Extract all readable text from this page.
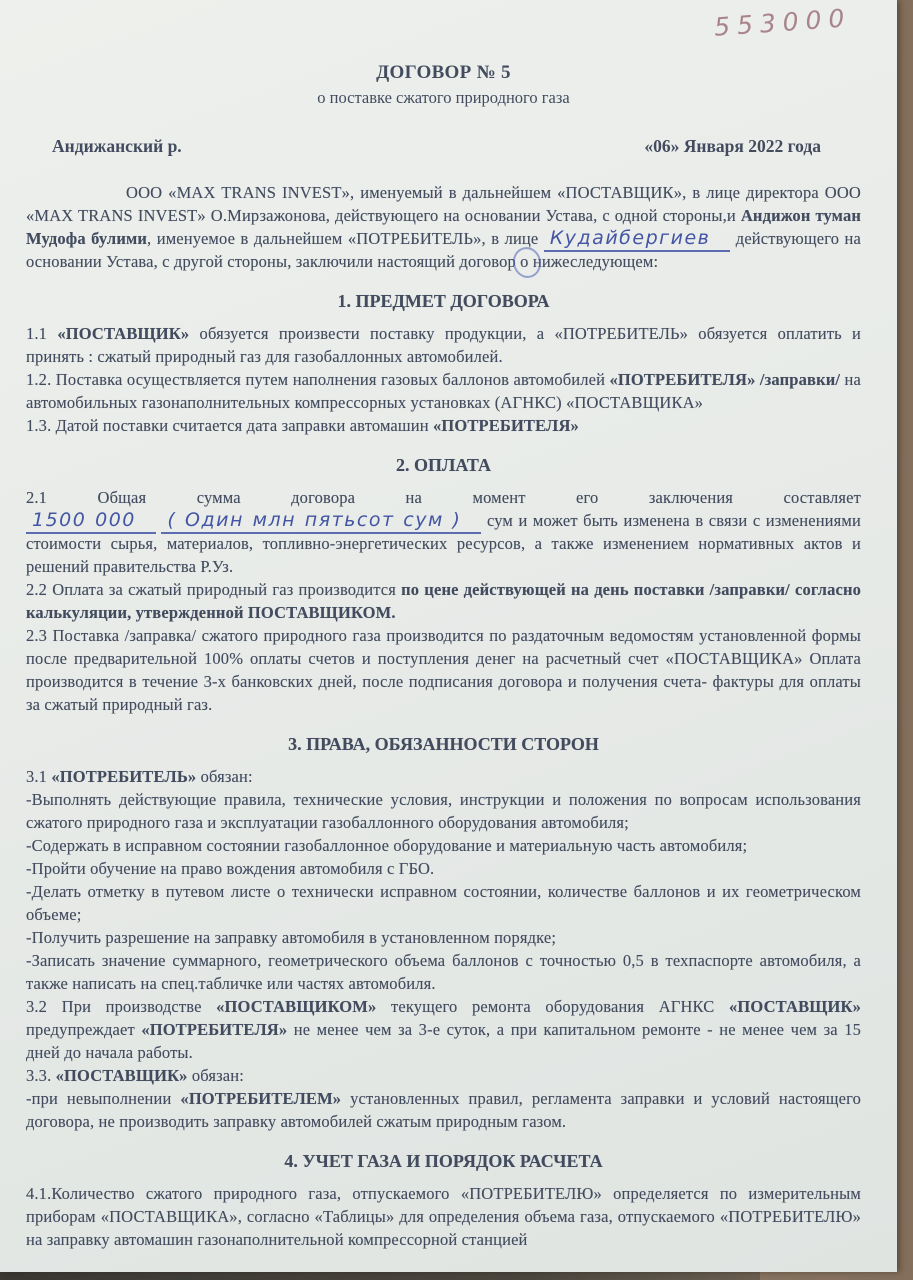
553000
ДОГОВОР № 5
о поставке сжатого природного газа
Андижанский р.	«06» Января 2022 года

ООО «MAX TRANS INVEST», именуемый в дальнейшем «ПОСТАВЩИК», в лице директора ООО «MAX TRANS INVEST» О.Мирзажонова, действующего на основании Устава, с одной стороны,и Андижон туман Мудофа булими, именуемое в дальнейшем «ПОТРЕБИТЕЛЬ», в лице Кудайбергиев действующего на основании Устава, с другой стороны, заключили настоящий договор о нижеследующем:

1. ПРЕДМЕТ ДОГОВОРА

1.1 «ПОСТАВЩИК» обязуется произвести поставку продукции, а «ПОТРЕБИТЕЛЬ» обязуется оплатить и принять : сжатый природный газ для газобаллонных автомобилей.

1.2. Поставка осуществляется путем наполнения газовых баллонов автомобилей «ПОТРЕБИТЕЛЯ» /заправки/ на автомобильных газонаполнительных компрессорных установках (АГНКС) «ПОСТАВЩИКА»

1.3. Датой поставки считается дата заправки автомашин «ПОТРЕБИТЕЛЯ»

2. ОПЛАТА

2.1 Общая сумма договора на момент его заключения составляет
1500 000 ( Один млн пятьсот сум ) сум и может быть изменена в связи с изменениями стоимости сырья, материалов, топливно-энергетических ресурсов, а также изменением нормативных актов и решений правительства Р.Уз.

2.2 Оплата за сжатый природный газ производится по цене действующей на день поставки /заправки/ согласно калькуляции, утвержденной ПОСТАВЩИКОМ.

2.3 Поставка /заправка/ сжатого природного газа производится по раздаточным ведомостям установленной формы после предварительной 100% оплаты счетов и поступления денег на расчетный счет «ПОСТАВЩИКА» Оплата производится в течение 3-х банковских дней, после подписания договора и получения счета- фактуры для оплаты за сжатый природный газ.

3. ПРАВА, ОБЯЗАННОСТИ СТОРОН

3.1 «ПОТРЕБИТЕЛЬ» обязан:

-Выполнять действующие правила, технические условия, инструкции и положения по вопросам использования сжатого природного газа и эксплуатации газобаллонного оборудования автомобиля;

-Содержать в исправном состоянии газобаллонное оборудование и материальную часть автомобиля;

-Пройти обучение на право вождения автомобиля с ГБО.

-Делать отметку в путевом листе о технически исправном состоянии, количестве баллонов и их геометрическом объеме;

-Получить разрешение на заправку автомобиля в установленном порядке;

-Записать значение суммарного, геометрического объема баллонов с точностью 0,5 в техпаспорте автомобиля, а также написать на спец.табличке или частях автомобиля.

3.2 При производстве «ПОСТАВЩИКОМ» текущего ремонта оборудования АГНКС «ПОСТАВЩИК» предупреждает «ПОТРЕБИТЕЛЯ» не менее чем за 3-е суток, а при капитальном ремонте - не менее чем за 15 дней до начала работы.

3.3. «ПОСТАВЩИК» обязан:

-при невыполнении «ПОТРЕБИТЕЛЕМ» установленных правил, регламента заправки и условий настоящего договора, не производить заправку автомобилей сжатым природным газом.

4. УЧЕТ ГАЗА И ПОРЯДОК РАСЧЕТА

4.1.Количество сжатого природного газа, отпускаемого «ПОТРЕБИТЕЛЮ» определяется по измерительным приборам «ПОСТАВЩИКА», согласно «Таблицы» для определения объема газа, отпускаемого «ПОТРЕБИТЕЛЮ» на заправку автомашин газонаполнительной компрессорной станцией
